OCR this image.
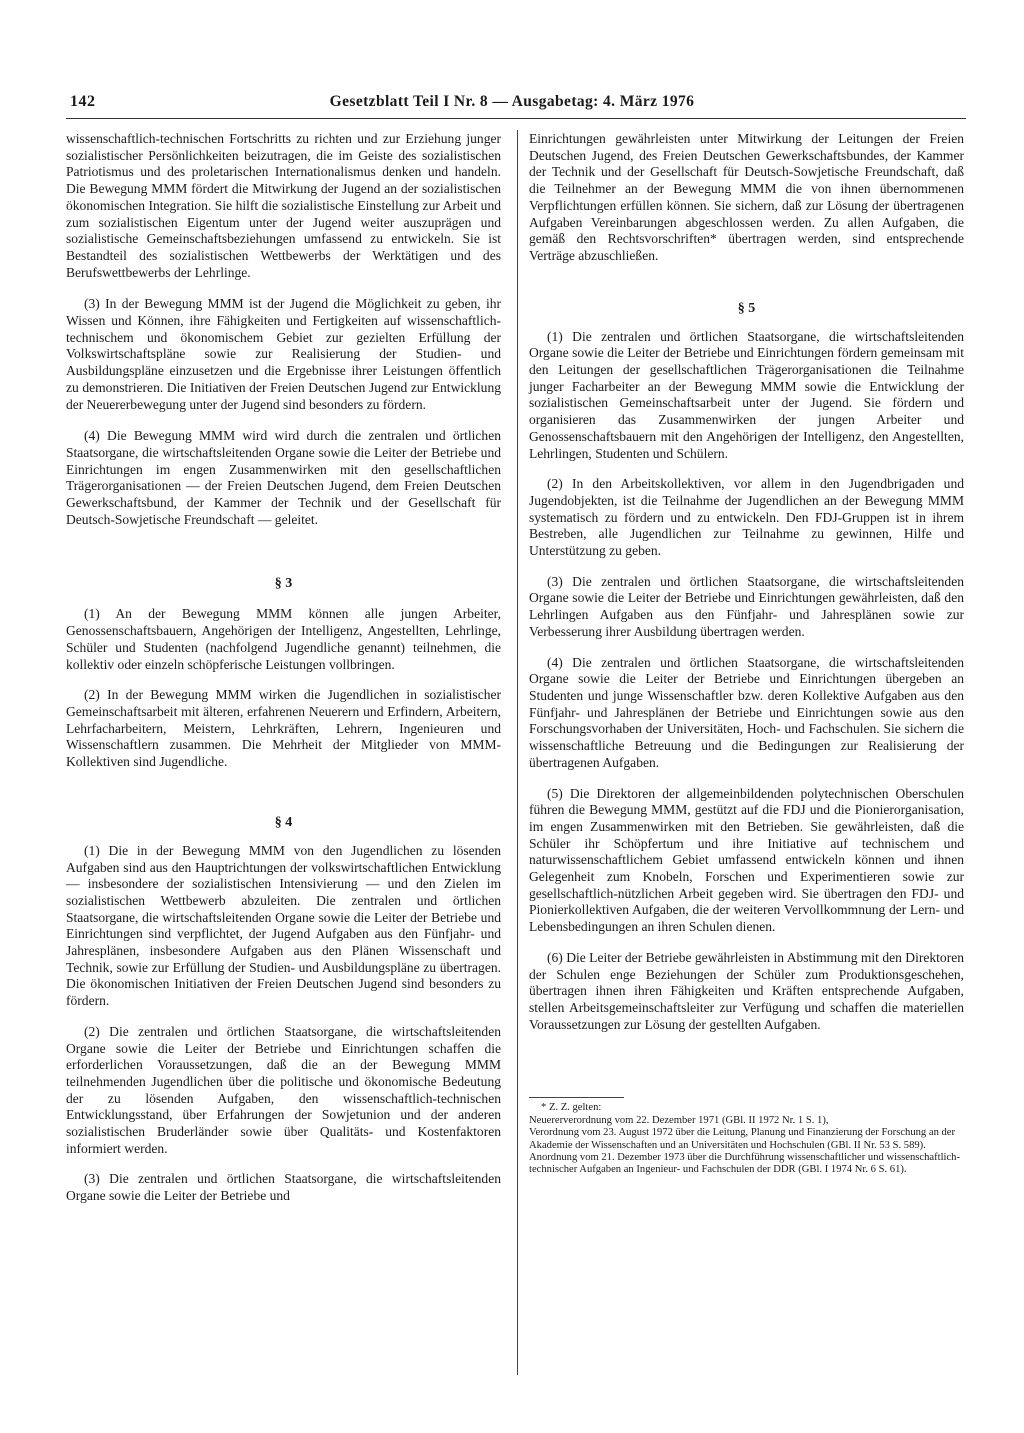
142	Gesetzblatt Teil I Nr. 8 — Ausgabetag: 4. März 1976

wissenschaftlich-technischen Fortschritts zu richten und zur Erziehung junger sozialistischer Persönlichkeiten beizutragen, die im Geiste des sozialistischen Patriotismus und des proletarischen Internationalismus denken und handeln. Die Bewegung MMM fördert die Mitwirkung der Jugend an der sozialistischen ökonomischen Integration. Sie hilft die sozialistische Einstellung zur Arbeit und zum sozialistischen Eigentum unter der Jugend weiter auszuprägen und sozialistische Gemeinschaftsbeziehungen umfassend zu entwickeln. Sie ist Bestandteil des sozialistischen Wettbewerbs der Werktätigen und des Berufswettbewerbs der Lehrlinge.

(3) In der Bewegung MMM ist der Jugend die Möglichkeit zu geben, ihr Wissen und Können, ihre Fähigkeiten und Fertigkeiten auf wissenschaftlich-technischem und ökonomischem Gebiet zur gezielten Erfüllung der Volkswirtschaftspläne sowie zur Realisierung der Studien- und Ausbildungspläne einzusetzen und die Ergebnisse ihrer Leistungen öffentlich zu demonstrieren. Die Initiativen der Freien Deutschen Jugend zur Entwicklung der Neuererbewegung unter der Jugend sind besonders zu fördern.

(4) Die Bewegung MMM wird wird durch die zentralen und örtlichen Staatsorgane, die wirtschaftsleitenden Organe sowie die Leiter der Betriebe und Einrichtungen im engen Zusammenwirken mit den gesellschaftlichen Trägerorganisationen — der Freien Deutschen Jugend, dem Freien Deutschen Gewerkschaftsbund, der Kammer der Technik und der Gesellschaft für Deutsch-Sowjetische Freundschaft — geleitet.

§ 3

(1) An der Bewegung MMM können alle jungen Arbeiter, Genossenschaftsbauern, Angehörigen der Intelligenz, Angestellten, Lehrlinge, Schüler und Studenten (nachfolgend Jugendliche genannt) teilnehmen, die kollektiv oder einzeln schöpferische Leistungen vollbringen.

(2) In der Bewegung MMM wirken die Jugendlichen in sozialistischer Gemeinschaftsarbeit mit älteren, erfahrenen Neuerern und Erfindern, Arbeitern, Lehrfacharbeitern, Meistern, Lehrkräften, Lehrern, Ingenieuren und Wissenschaftlern zusammen. Die Mehrheit der Mitglieder von MMM-Kollektiven sind Jugendliche.

§ 4

(1) Die in der Bewegung MMM von den Jugendlichen zu lösenden Aufgaben sind aus den Hauptrichtungen der volkswirtschaftlichen Entwicklung — insbesondere der sozialistischen Intensivierung — und den Zielen im sozialistischen Wettbewerb abzuleiten. Die zentralen und örtlichen Staatsorgane, die wirtschaftsleitenden Organe sowie die Leiter der Betriebe und Einrichtungen sind verpflichtet, der Jugend Aufgaben aus den Fünfjahr- und Jahresplänen, insbesondere Aufgaben aus den Plänen Wissenschaft und Technik, sowie zur Erfüllung der Studien- und Ausbildungspläne zu übertragen. Die ökonomischen Initiativen der Freien Deutschen Jugend sind besonders zu fördern.

(2) Die zentralen und örtlichen Staatsorgane, die wirtschaftsleitenden Organe sowie die Leiter der Betriebe und Einrichtungen schaffen die erforderlichen Voraussetzungen, daß die an der Bewegung MMM teilnehmenden Jugendlichen über die politische und ökonomische Bedeutung der zu lösenden Aufgaben, den wissenschaftlich-technischen Entwicklungsstand, über Erfahrungen der Sowjetunion und der anderen sozialistischen Bruderländer sowie über Qualitäts- und Kostenfaktoren informiert werden.

(3) Die zentralen und örtlichen Staatsorgane, die wirtschaftsleitenden Organe sowie die Leiter der Betriebe und

Einrichtungen gewährleisten unter Mitwirkung der Leitungen der Freien Deutschen Jugend, des Freien Deutschen Gewerkschaftsbundes, der Kammer der Technik und der Gesellschaft für Deutsch-Sowjetische Freundschaft, daß die Teilnehmer an der Bewegung MMM die von ihnen übernommenen Verpflichtungen erfüllen können. Sie sichern, daß zur Lösung der übertragenen Aufgaben Vereinbarungen abgeschlossen werden. Zu allen Aufgaben, die gemäß den Rechtsvorschriften* übertragen werden, sind entsprechende Verträge abzuschließen.

§ 5

(1) Die zentralen und örtlichen Staatsorgane, die wirtschaftsleitenden Organe sowie die Leiter der Betriebe und Einrichtungen fördern gemeinsam mit den Leitungen der gesellschaftlichen Trägerorganisationen die Teilnahme junger Facharbeiter an der Bewegung MMM sowie die Entwicklung der sozialistischen Gemeinschaftsarbeit unter der Jugend. Sie fördern und organisieren das Zusammenwirken der jungen Arbeiter und Genossenschaftsbauern mit den Angehörigen der Intelligenz, den Angestellten, Lehrlingen, Studenten und Schülern.

(2) In den Arbeitskollektiven, vor allem in den Jugendbrigaden und Jugendobjekten, ist die Teilnahme der Jugendlichen an der Bewegung MMM systematisch zu fördern und zu entwickeln. Den FDJ-Gruppen ist in ihrem Bestreben, alle Jugendlichen zur Teilnahme zu gewinnen, Hilfe und Unterstützung zu geben.

(3) Die zentralen und örtlichen Staatsorgane, die wirtschaftsleitenden Organe sowie die Leiter der Betriebe und Einrichtungen gewährleisten, daß den Lehrlingen Aufgaben aus den Fünfjahr- und Jahresplänen sowie zur Verbesserung ihrer Ausbildung übertragen werden.

(4) Die zentralen und örtlichen Staatsorgane, die wirtschaftsleitenden Organe sowie die Leiter der Betriebe und Einrichtungen übergeben an Studenten und junge Wissenschaftler bzw. deren Kollektive Aufgaben aus den Fünfjahr- und Jahresplänen der Betriebe und Einrichtungen sowie aus den Forschungsvorhaben der Universitäten, Hoch- und Fachschulen. Sie sichern die wissenschaftliche Betreuung und die Bedingungen zur Realisierung der übertragenen Aufgaben.

(5) Die Direktoren der allgemeinbildenden polytechnischen Oberschulen führen die Bewegung MMM, gestützt auf die FDJ und die Pionierorganisation, im engen Zusammenwirken mit den Betrieben. Sie gewährleisten, daß die Schüler ihr Schöpfertum und ihre Initiative auf technischem und naturwissenschaftlichem Gebiet umfassend entwickeln können und ihnen Gelegenheit zum Knobeln, Forschen und Experimentieren sowie zur gesellschaftlich-nützlichen Arbeit gegeben wird. Sie übertragen den FDJ- und Pionierkollektiven Aufgaben, die der weiteren Vervollkommnung der Lern- und Lebensbedingungen an ihren Schulen dienen.

(6) Die Leiter der Betriebe gewährleisten in Abstimmung mit den Direktoren der Schulen enge Beziehungen der Schüler zum Produktionsgeschehen, übertragen ihnen ihren Fähigkeiten und Kräften entsprechende Aufgaben, stellen Arbeitsgemeinschaftsleiter zur Verfügung und schaffen die materiellen Voraussetzungen zur Lösung der gestellten Aufgaben.

* Z. Z. gelten:
Neuererverordnung vom 22. Dezember 1971 (GBl. II 1972 Nr. 1 S. 1),
Verordnung vom 23. August 1972 über die Leitung, Planung und Finanzierung der Forschung an der Akademie der Wissenschaften und an Universitäten und Hochschulen (GBl. II Nr. 53 S. 589).
Anordnung vom 21. Dezember 1973 über die Durchführung wissenschaftlicher und wissenschaftlich-technischer Aufgaben an Ingenieur- und Fachschulen der DDR (GBl. I 1974 Nr. 6 S. 61).
